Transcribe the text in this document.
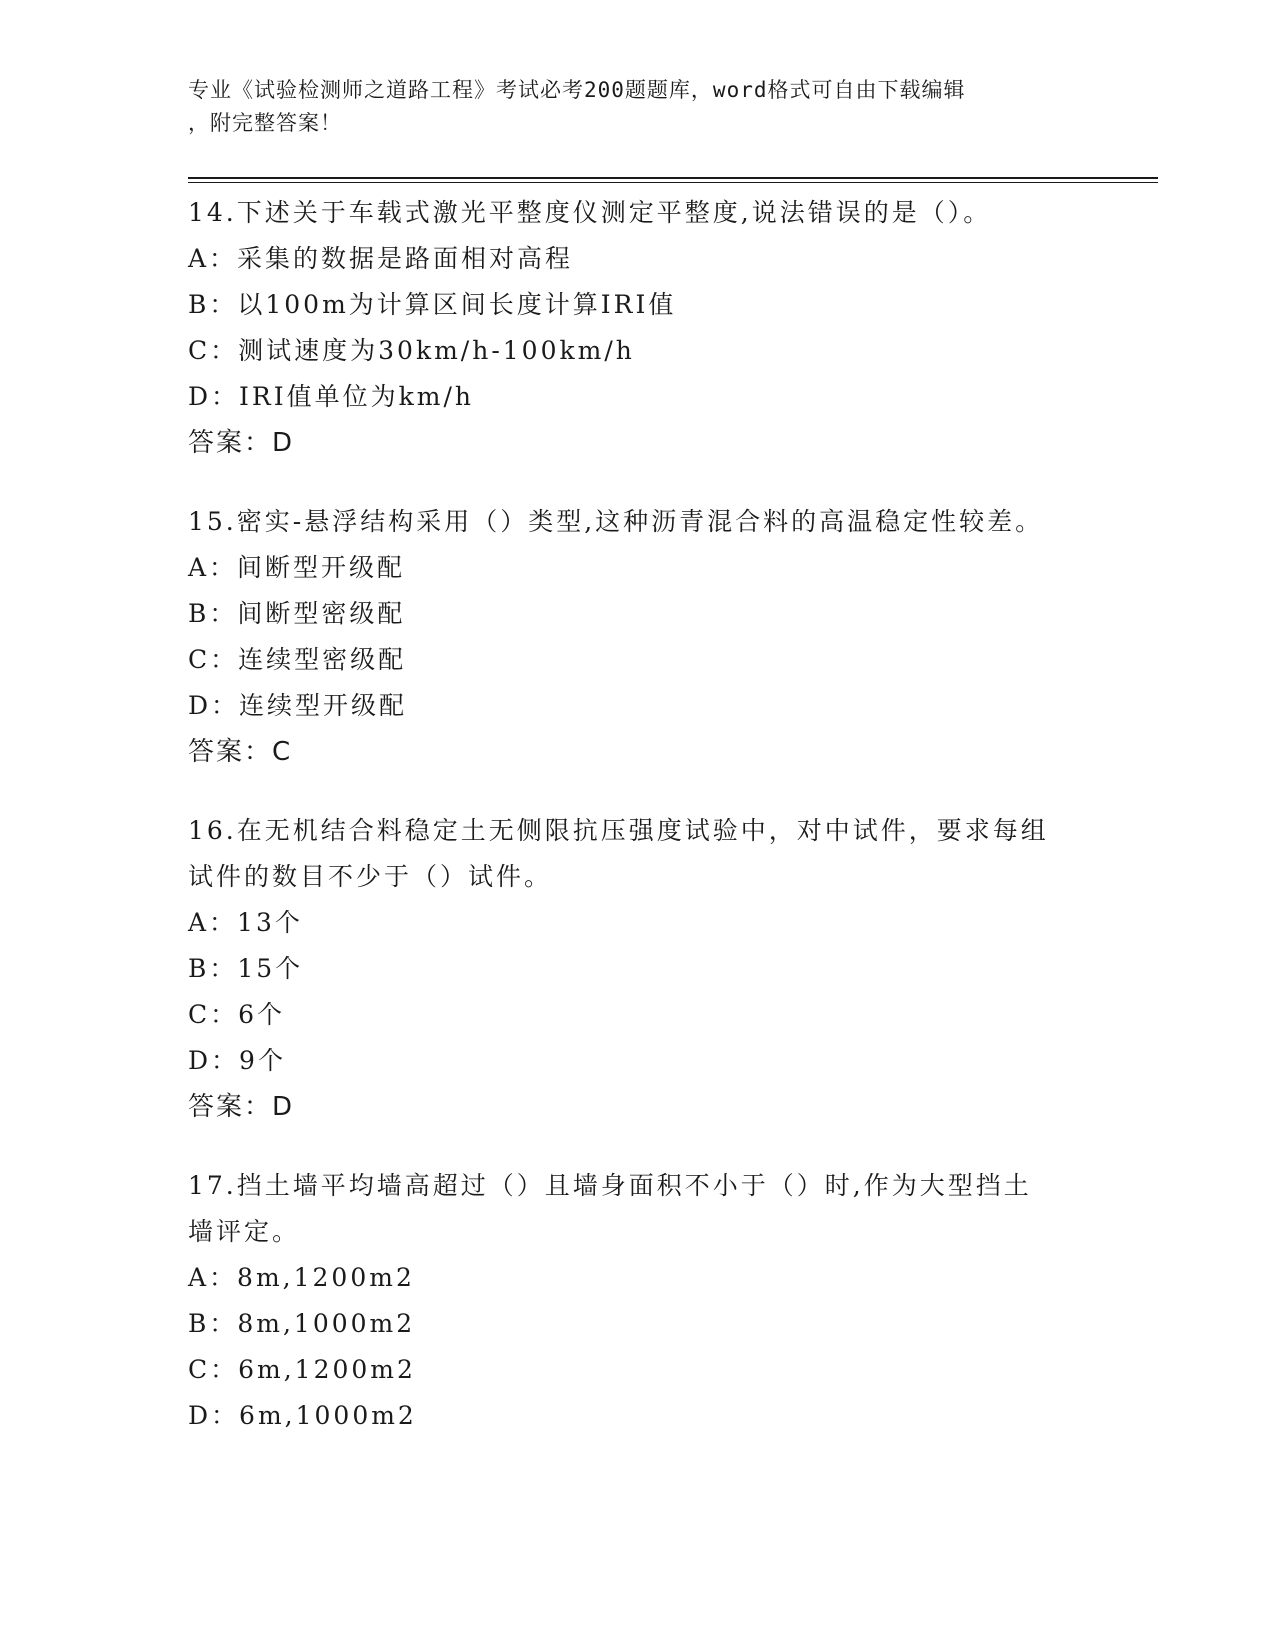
专业《试验检测师之道路工程》考试必考200题题库，word格式可自由下载编辑
，附完整答案！

14.下述关于车载式激光平整度仪测定平整度,说法错误的是（）。

A：采集的数据是路面相对高程

B：以100m为计算区间长度计算IRI值

C：测试速度为30km/h-100km/h

D：IRI值单位为km/h

答案：D

15.密实-悬浮结构采用（）类型,这种沥青混合料的高温稳定性较差。

A：间断型开级配

B：间断型密级配

C：连续型密级配

D：连续型开级配

答案：C

16.在无机结合料稳定土无侧限抗压强度试验中，对中试件，要求每组

试件的数目不少于（）试件。

A：13个

B：15个

C：6个

D：9个

答案：D

17.挡土墙平均墙高超过（）且墙身面积不小于（）时,作为大型挡土

墙评定。

A：8m,1200m2

B：8m,1000m2

C：6m,1200m2

D：6m,1000m2
